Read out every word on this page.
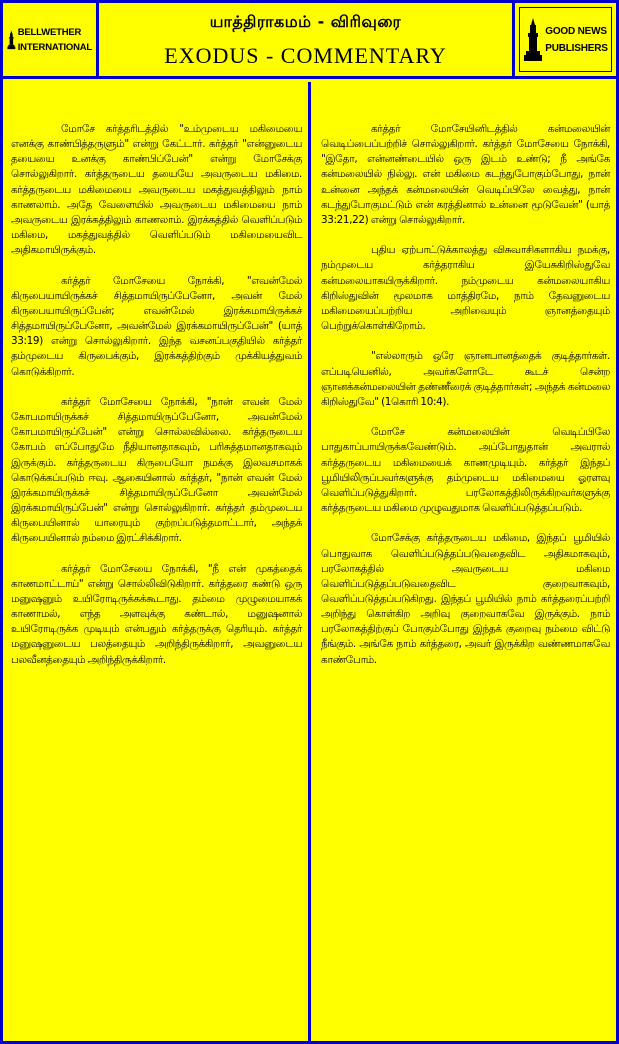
BELLWETHER
INTERNATIONAL
யாத்திராகமம் - விரிவுரை
EXODUS - COMMENTARY
GOOD NEWS
PUBLISHERS

மோசே கர்த்தரிடத்தில் "உம்முடைய மகிமையை எனக்கு காண்பித்தருளும்" என்று கேட்டார். கர்த்தர் "என்னுடைய தயையை உனக்கு காண்பிப்பேன்" என்று மோசேக்கு சொல்லுகிறார். கர்த்தருடைய தயையே அவருடைய மகிமை. கர்த்தருடைய மகிமையை அவருடைய மகத்துவத்திலும் நாம் காணலாம். அதே வேளையில் அவருடைய மகிமையை நாம் அவருடைய இரக்கத்திலும் காணலாம். இரக்கத்தில் வெளிப்படும் மகிமை, மகத்துவத்தில் வெளிப்படும் மகிமையைவிட அதிகமாயிருக்கும்.

கர்த்தர் மோசேயை நோக்கி, "எவன்மேல் கிருபையாயிருக்கச் சித்தமாயிருப்பேனோ, அவன் மேல் கிருபையாயிருப்பேன்; எவன்மேல் இரக்கமாயிருக்கச் சித்தமாயிருப்பேனோ, அவன்மேல் இரக்கமாயிருப்பேன்" (யாத் 33:19) என்று சொல்லுகிறார். இந்த வசனப்பகுதியில் கர்த்தர் தம்முடைய கிருபைக்கும், இரக்கத்திற்கும் முக்கியத்துவம் கொடுக்கிறார்.

கர்த்தர் மோசேயை நோக்கி, "நான் எவன் மேல் கோபமாயிருக்கச் சித்தமாயிருப்பேனோ, அவன்மேல் கோபமாயிருப்பேன்" என்று சொல்லவில்லை. கர்த்தருடைய கோபம் எப்போதுமே நீதியானதாகவும், பரிசுத்தமானதாகவும் இருக்கும். கர்த்தருடைய கிருபையோ நமக்கு இலவசமாகக் கொடுக்கப்படும் ஈவு. ஆகையினால் கர்த்தர், "நான் எவன் மேல் இரக்கமாயிருக்கச் சித்தமாயிருப்பேனோ அவன்மேல் இரக்கமாயிருப்பேன்" என்று சொல்லுகிறார். கர்த்தர் தம்முடைய கிருபையினால் யாரையும் குற்றப்படுத்தமாட்டார், அந்தக் கிருபையினால் நம்மை இரட்சிக்கிறார்.

கர்த்தர் மோசேயை நோக்கி, "நீ என் முகத்தைக் காணமாட்டாய்" என்று சொல்லிவிடுகிறார். கர்த்தரை கண்டு ஒரு மனுஷனும் உயிரோடிருக்கக்கூடாது. தம்மை முழுமையாகக் காணாமல், எந்த அளவுக்கு கண்டால், மனுஷனால் உயிரோடிருக்க முடியும் என்பதும் கர்த்தருக்கு தெரியும். கர்த்தர் மனுஷனுடைய பலத்தையும் அறிந்திருக்கிறார், அவனுடைய பலவீனத்தையும் அறிந்திருக்கிறார்.

கர்த்தர் மோசேயினிடத்தில் கன்மலையின் வெடிப்பைப்பற்றிச் சொல்லுகிறார். கர்த்தர் மோசேயை நோக்கி, "இதோ, என்னண்டையில் ஒரு இடம் உண்டு; நீ அங்கே கன்மலையில் நில்லு. என் மகிமை கடந்துபோகும்போது, நான் உன்னை அந்தக் கன்மலையின் வெடிப்பிலே வைத்து, நான் கடந்துபோகுமட்டும் என் கரத்தினால் உன்னை மூடுவேன்" (யாத் 33:21,22) என்று சொல்லுகிறார்.

புதிய ஏற்பாட்டுக்காலத்து விசுவாசிகளாகிய நமக்கு, நம்முடைய கர்த்தராகிய இயேசுகிறிஸ்துவே கன்மலையாகயிருக்கிறார். நம்முடைய கன்மலையாகிய கிறிஸ்துவின் மூலமாக மாத்திரமே, நாம் தேவனுடைய மகிமையைப்பற்றிய அறிவையும் ஞானத்தையும் பெற்றுக்கொள்கிறோம்.

"எல்லாரும் ஒரே ஞானபானத்தைக் குடித்தார்கள். எப்படியெனில், அவர்களோடே கூடச் சென்ற ஞானக்கன்மலையின் தண்ணீரைக் குடித்தார்கள்; அந்தக் கன்மலை கிறிஸ்துவே" (1கொரி 10:4).

மோசே கன்மலையின் வெடிப்பிலே பாதுகாப்பாயிருக்கவேண்டும். அப்போதுதான் அவரால் கர்த்தருடைய மகிமையைக் காணமுடியும். கர்த்தர் இந்தப் பூமியிலிருப்பவர்களுக்கு தம்முடைய மகிமையை ஓரளவு வெளிப்படுத்துகிறார். பரலோகத்திலிருக்கிறவர்களுக்கு கர்த்தருடைய மகிமை முழுவதுமாக வெளிப்படுத்தப்படும்.

மோசேக்கு கர்த்தருடைய மகிமை, இந்தப் பூமியில் பொதுவாக வெளிப்படுத்தப்படுவதைவிட அதிகமாகவும், பரலோகத்தில் அவருடைய மகிமை வெளிப்படுத்தப்படுவதைவிட குறைவாகவும், வெளிப்படுத்தப்படுகிறது. இந்தப் பூமியில் நாம் கர்த்தரைப்பற்றி அறிந்து கொள்கிற அறிவு குறைவாகவே இருக்கும். நாம் பரலோகத்திற்குப் போகும்போது இந்தக் குறைவு நம்மை விட்டு நீங்கும். அங்கே நாம் கர்த்தரை, அவர் இருக்கிற வண்ணமாகவே காண்போம்.
